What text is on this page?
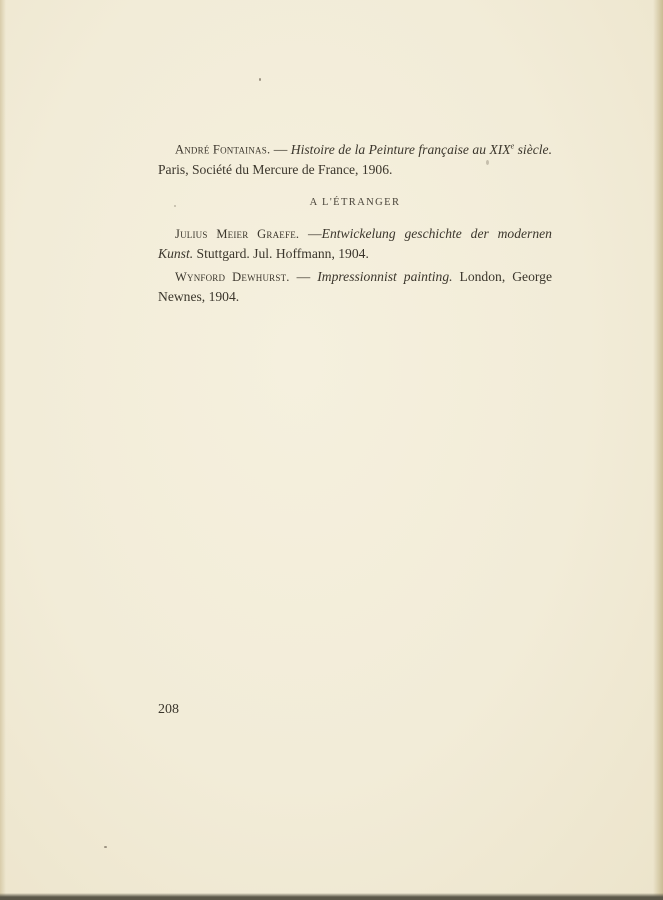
André Fontainas. — Histoire de la Peinture française au XIXe siècle. Paris, Société du Mercure de France, 1906.

A L'ÉTRANGER

Julius Meier Graefe. —Entwickelung geschichte der modernen Kunst. Stuttgard. Jul. Hoffmann, 1904.

Wynford Dewhurst. — Impressionnist painting. London, George Newnes, 1904.

208
